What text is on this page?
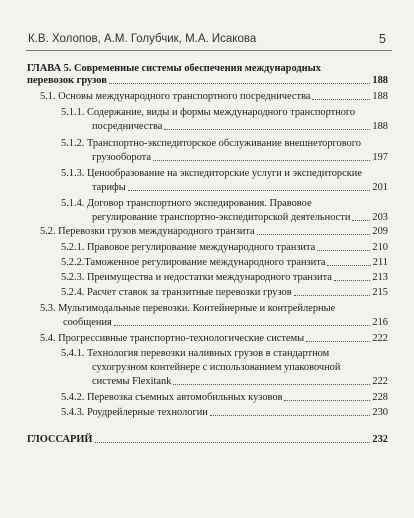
К.В. Холопов, А.М. Голубчик, М.А. Исакова	5
ГЛАВА 5. Современные системы обеспечения международных
перевозок грузов	188
5.1. Основы международного транспортного посредничества	188
5.1.1. Содержание, виды и формы международного транспортного
посредничества	188
5.1.2. Транспортно-экспедиторское обслуживание внешнеторгового
грузооборота	197
5.1.3. Ценообразование на экспедиторские услуги и экспедиторские
тарифы	201
5.1.4. Договор транспортного экспедирования. Правовое
регулирование транспортно-экспедиторской деятельности 203
5.2. Перевозки грузов международного транзита	209
5.2.1. Правовое регулирование международного транзита	210
5.2.2.Таможенное регулирование международного транзита	211
5.2.3. Преимущества и недостатки международного транзита	213
5.2.4. Расчет ставок за транзитные перевозки грузов	215
5.3. Мультимодальные перевозки. Контейнерные и контрейлерные
сообщения	216
5.4. Прогрессивные транспортно-технологические системы	222
5.4.1. Технология перевозки наливных грузов в стандартном
сухогрузном контейнере с использованием упаковочной
системы Flexitank	222
5.4.2. Перевозка съемных автомобильных кузовов	228
5.4.3. Роудрейлерные технологии	230
ГЛОССАРИЙ	232
